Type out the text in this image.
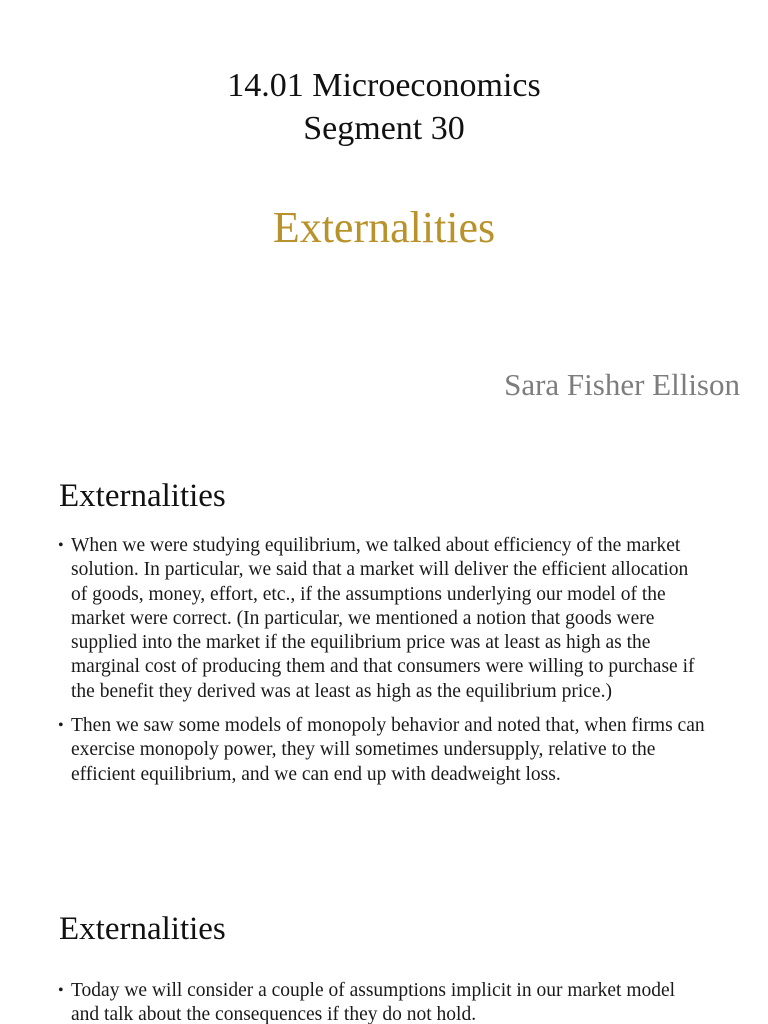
14.01 Microeconomics
Segment 30
Externalities
Sara Fisher Ellison
Externalities
• When we were studying equilibrium, we talked about efficiency of the market solution. In particular, we said that a market will deliver the efficient allocation of goods, money, effort, etc., if the assumptions underlying our model of the market were correct. (In particular, we mentioned a notion that goods were supplied into the market if the equilibrium price was at least as high as the marginal cost of producing them and that consumers were willing to purchase if the benefit they derived was at least as high as the equilibrium price.)
• Then we saw some models of monopoly behavior and noted that, when firms can exercise monopoly power, they will sometimes undersupply, relative to the efficient equilibrium, and we can end up with deadweight loss.
Externalities
• Today we will consider a couple of assumptions implicit in our market model and talk about the consequences if they do not hold.
